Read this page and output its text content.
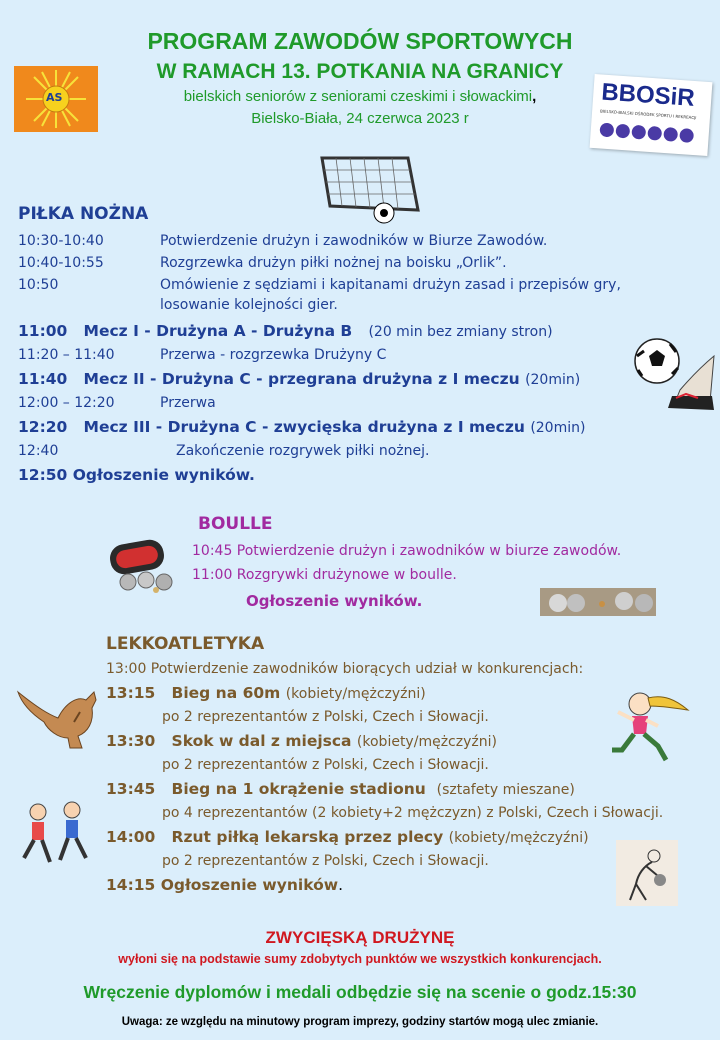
PROGRAM ZAWODÓW SPORTOWYCH
W RAMACH 13. POTKANIA NA GRANICY
bielskich seniorów z seniorami czeskimi i słowackimi,
Bielsko-Biała, 24 czerwca 2023 r
AS	BBOSiR
BIELSKO-BIALSKI OŚRODEK SPORTU I REKREACJI
PIŁKA NOŻNA
10:30-10:40	Potwierdzenie drużyn i zawodników w Biurze Zawodów.
10:40-10:55	Rozgrzewka drużyn piłki nożnej na boisku „Orlik”.
10:50	Omówienie z sędziami i kapitanami drużyn zasad i przepisów gry,
losowanie kolejności gier.
11:00 Mecz I - Drużyna A - Drużyna B (20 min bez zmiany stron)
11:20 – 11:40	Przerwa - rozgrzewka Drużyny C
11:40 Mecz II - Drużyna C - przegrana drużyna z I meczu (20min)
12:00 – 12:20	Przerwa
12:20 Mecz III - Drużyna C - zwycięska drużyna z I meczu (20min)
12:40	Zakończenie rozgrywek piłki nożnej.
12:50 Ogłoszenie wyników.
BOULLE
10:45 Potwierdzenie drużyn i zawodników w biurze zawodów.
11:00 Rozgrywki drużynowe w boulle.
Ogłoszenie wyników.
LEKKOATLETYKA
13:00 Potwierdzenie zawodników biorących udział w konkurencjach:
13:15 Bieg na 60m (kobiety/mężczyźni)
po 2 reprezentantów z Polski, Czech i Słowacji.
13:30 Skok w dal z miejsca (kobiety/mężczyźni)
po 2 reprezentantów z Polski, Czech i Słowacji.
13:45 Bieg na 1 okrążenie stadionu (sztafety mieszane)
po 4 reprezentantów (2 kobiety+2 mężczyzn) z Polski, Czech i Słowacji.
14:00 Rzut piłką lekarską przez plecy (kobiety/mężczyźni)
po 2 reprezentantów z Polski, Czech i Słowacji.
14:15 Ogłoszenie wyników.
ZWYCIĘSKĄ DRUŻYNĘ
wyłoni się na podstawie sumy zdobytych punktów we wszystkich konkurencjach.
Wręczenie dyplomów i medali odbędzie się na scenie o godz.15:30
Uwaga: ze względu na minutowy program imprezy, godziny startów mogą ulec zmianie.
